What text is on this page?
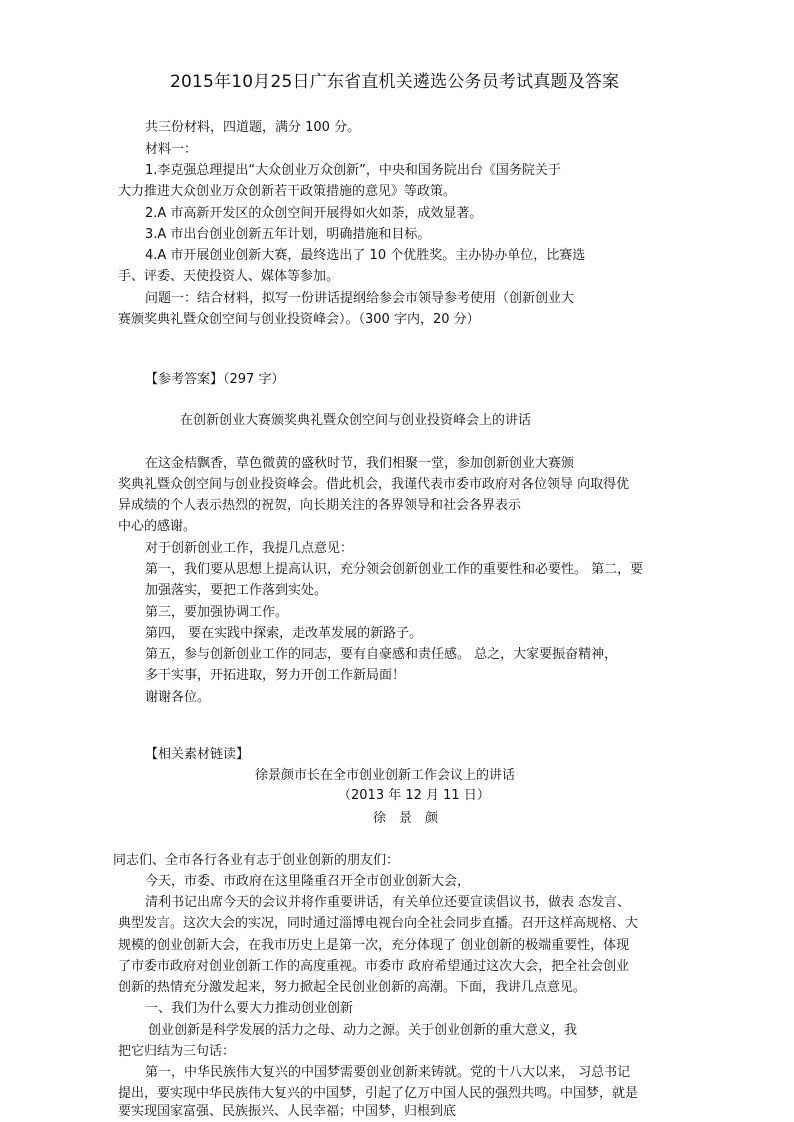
2015年10月25日广东省直机关遴选公务员考试真题及答案
共三份材料，四道题，满分 100 分。
材料一：
1.李克强总理提出“大众创业万众创新”，中央和国务院出台《国务院关于
大力推进大众创业万众创新若干政策措施的意见》等政策。
2.A 市高新开发区的众创空间开展得如火如荼，成效显著。
3.A 市出台创业创新五年计划，明确措施和目标。
4.A 市开展创业创新大赛，最终选出了 10 个优胜奖。主办协办单位，比赛选
手、评委、天使投资人、媒体等参加。
问题一：结合材料，拟写一份讲话提纲给参会市领导参考使用（创新创业大
赛颁奖典礼暨众创空间与创业投资峰会）。（300 字内，20 分）
【参考答案】（297 字）
在创新创业大赛颁奖典礼暨众创空间与创业投资峰会上的讲话
在这金桔飘香，草色微黄的盛秋时节，我们相聚一堂，参加创新创业大赛颁
奖典礼暨众创空间与创业投资峰会。借此机会，我谨代表市委市政府对各位领导 向取得优
异成绩的个人表示热烈的祝贺，向长期关注的各界领导和社会各界表示
中心的感谢。
对于创新创业工作，我提几点意见：
第一，我们要从思想上提高认识，充分领会创新创业工作的重要性和必要性。 第二，要
加强落实，要把工作落到实处。
第三，要加强协调工作。
第四， 要在实践中探索，走改革发展的新路子。
第五，参与创新创业工作的同志，要有自豪感和责任感。 总之，大家要振奋精神，
多干实事，开拓进取，努力开创工作新局面！
谢谢各位。
【相关素材链读】
徐景颜市长在全市创业创新工作会议上的讲话
（2013 年 12 月 11 日）
徐　景　颜
同志们、全市各行各业有志于创业创新的朋友们：
今天，市委、市政府在这里隆重召开全市创业创新大会，
清利书记出席今天的会议并将作重要讲话，有关单位还要宣读倡议书，做表 态发言、
典型发言。这次大会的实况，同时通过淄博电视台向全社会同步直播。召开这样高规格、大
规模的创业创新大会，在我市历史上是第一次，充分体现了 创业创新的极端重要性，体现
了市委市政府对创业创新工作的高度重视。市委市 政府希望通过这次大会，把全社会创业
创新的热情充分激发起来，努力掀起全民创业创新的高潮。下面，我讲几点意见。
一、我们为什么要大力推动创业创新
创业创新是科学发展的活力之母、动力之源。关于创业创新的重大意义，我
把它归结为三句话：
第一，中华民族伟大复兴的中国梦需要创业创新来铸就。党的十八大以来， 习总书记
提出，要实现中华民族伟大复兴的中国梦，引起了亿万中国人民的强烈共鸣。中国梦，就是
要实现国家富强、民族振兴、人民幸福；中国梦，归根到底
